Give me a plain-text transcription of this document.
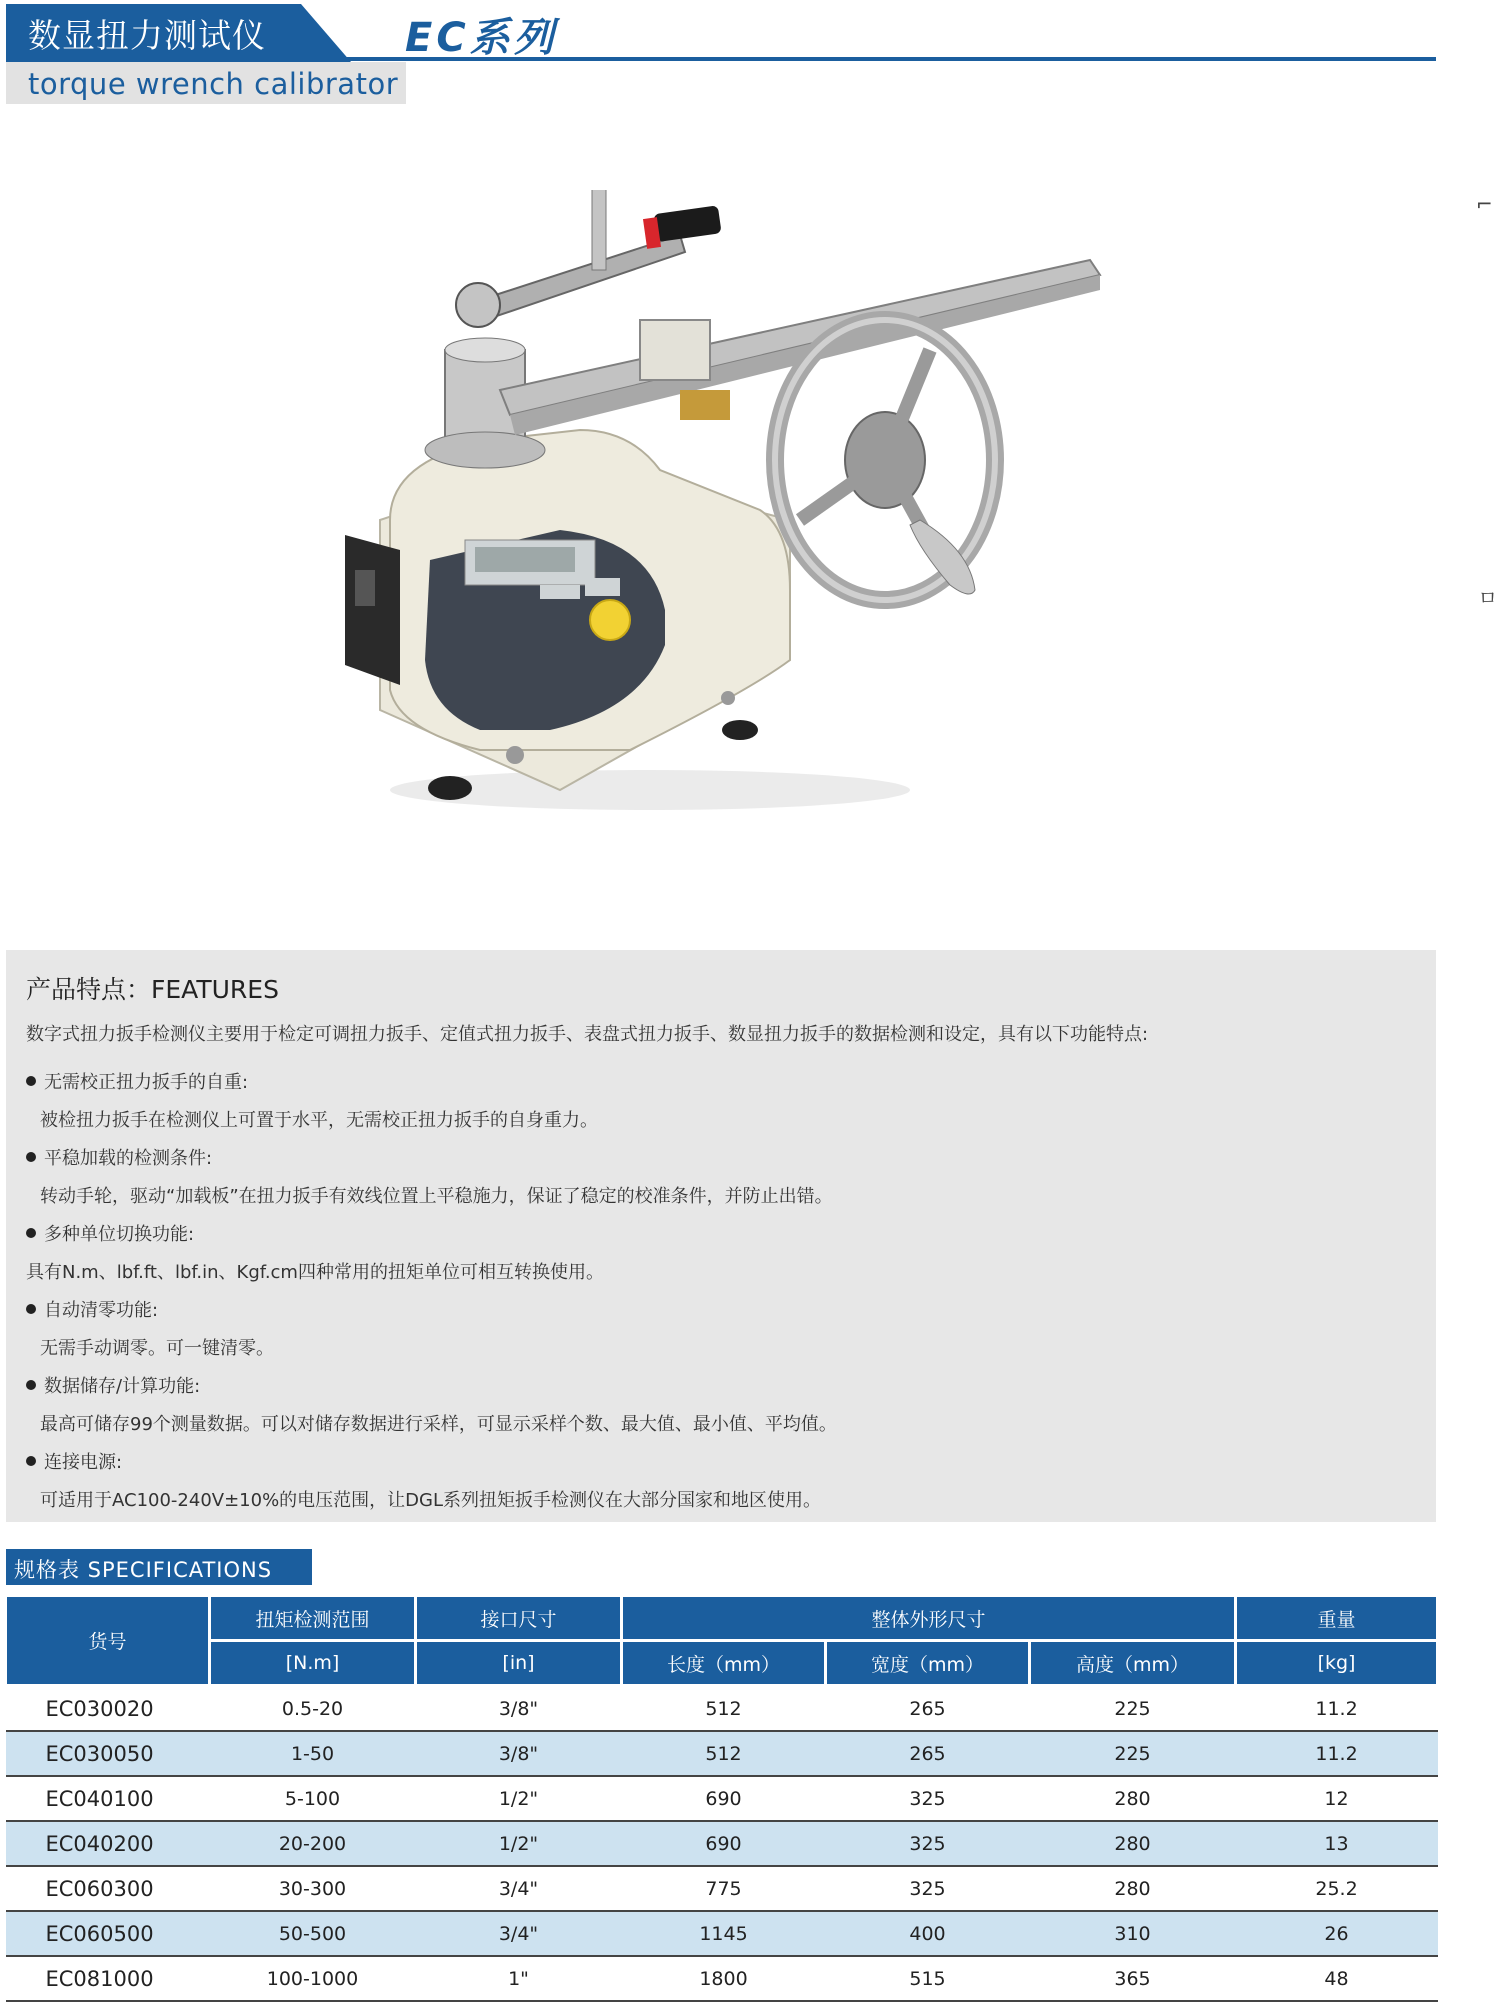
数显扭力测试仪	EC系列
torque wrench calibrator
⌐
ㅁ
产品特点：FEATURES
数字式扭力扳手检测仪主要用于检定可调扭力扳手、定值式扭力扳手、表盘式扭力扳手、数显扭力扳手的数据检测和设定，具有以下功能特点:
无需校正扭力扳手的自重:
被检扭力扳手在检测仪上可置于水平，无需校正扭力扳手的自身重力。
平稳加载的检测条件:
转动手轮，驱动“加载板”在扭力扳手有效线位置上平稳施力，保证了稳定的校准条件，并防止出错。
多种单位切换功能:
具有N.m、lbf.ft、lbf.in、Kgf.cm四种常用的扭矩单位可相互转换使用。
自动清零功能:
无需手动调零。可一键清零。
数据储存/计算功能:
最高可储存99个测量数据。可以对储存数据进行采样，可显示采样个数、最大值、最小值、平均值。
连接电源:
可适用于AC100-240V±10%的电压范围，让DGL系列扭矩扳手检测仪在大部分国家和地区使用。
规格表 SPECIFICATIONS
货号	扭矩检测范围	接口尺寸	整体外形尺寸			重量
	[N.m]	[in]	长度（mm）	宽度（mm）	高度（mm）	[kg]
EC030020	0.5-20	3/8"	512	265	225	11.2
EC030050	1-50	3/8"	512	265	225	11.2
EC040100	5-100	1/2"	690	325	280	12
EC040200	20-200	1/2"	690	325	280	13
EC060300	30-300	3/4"	775	325	280	25.2
EC060500	50-500	3/4"	1145	400	310	26
EC081000	100-1000	1"	1800	515	365	48
